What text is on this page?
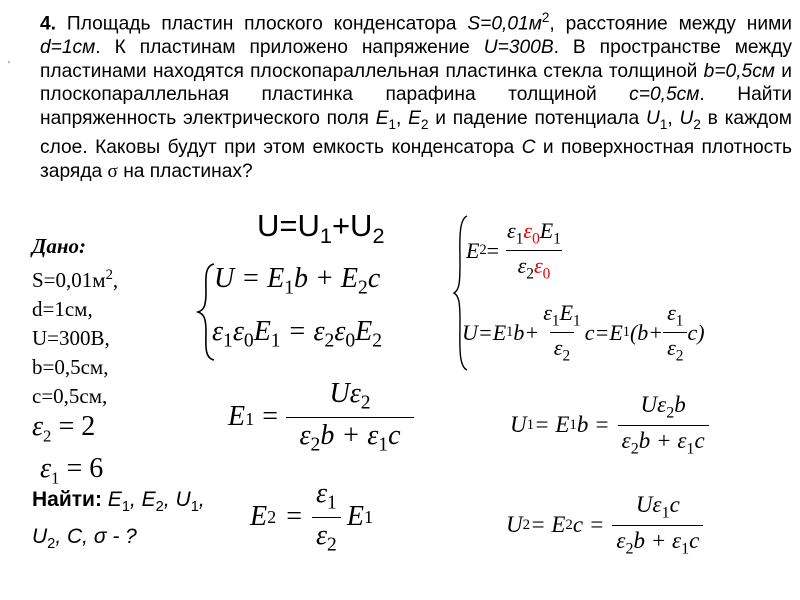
4. Площадь пластин плоского конденсатора $S=0,01м^2$, расстояние между ними d=1см. К пластинам приложено напряжение U=300В. В пространстве между пластинами находятся плоскопараллельная пластинка стекла толщиной b=0,5см и плоскопараллельная пластинка парафина толщиной c=0,5см. Найти напряженность электрического поля $E_1$, $E_2$ и падение потенциала $U_1$, $U_2$ в каждом слое. Каковы будут при этом емкость конденсатора C и поверхностная плотность заряда σ на пластинах?
'
Дано:
$S=0,01м^2$,
d=1см,
U=300В,
b=0,5см,
c=0,5см,
$\varepsilon_2 = 2$
$\varepsilon_1 = 6$
Найти: $E_1$, $E_2$, $U_1$, $U_2$, C, σ - ?
$U=U_1+U_2$
$U = E_1b + E_2c$
$\varepsilon_1\varepsilon_0E_1 = \varepsilon_2\varepsilon_0E_2$
E $1 = \frac{U\varepsilon_2}{\varepsilon_2b + \varepsilon_1c}$
E $2 = \frac{\varepsilon_1}{\varepsilon_2}$ E 1
E $2 = \frac{\varepsilon_1\varepsilon_0E_1}{\varepsilon_2\varepsilon_0}$
U=E 1 $b+ \frac{\varepsilon_1E_1}{\varepsilon_2} c=E$ 1 $(b+ \frac{\varepsilon_1}{\varepsilon_2} c)$
U 1 = E 1 $b = \frac{U\varepsilon_2b}{\varepsilon_2b + \varepsilon_1c}$
U 2 = E 2 $c = \frac{U\varepsilon_1c}{\varepsilon_2b + \varepsilon_1c}$
